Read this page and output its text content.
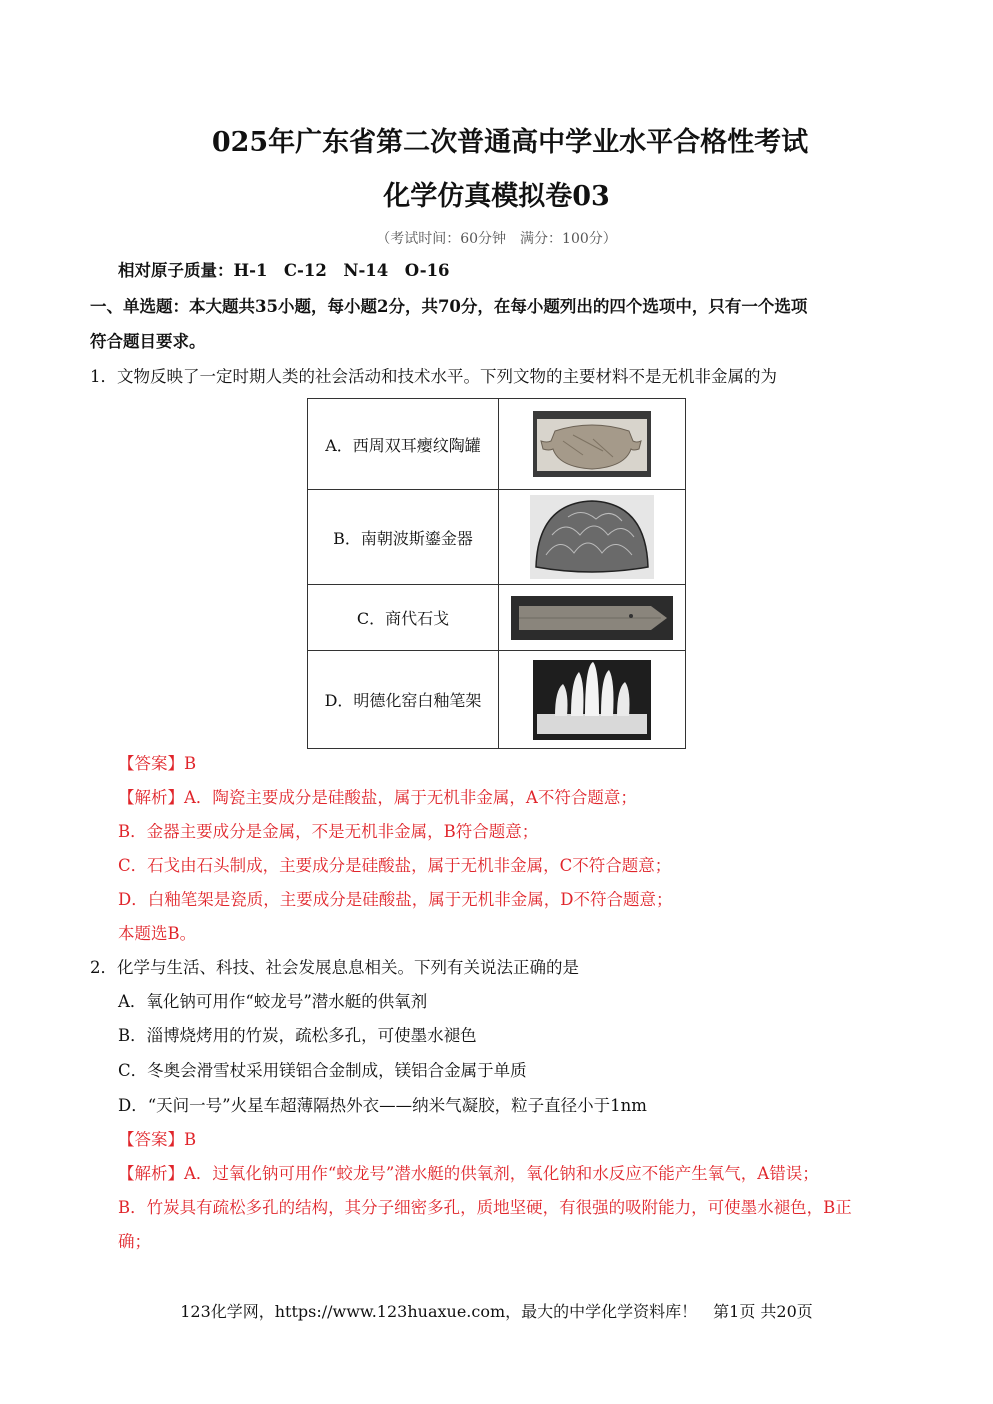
025年广东省第二次普通高中学业水平合格性考试
化学仿真模拟卷03
（考试时间：60分钟　满分：100分）
相对原子质量：H-1　C-12　N-14　O-16
一、单选题：本大题共35小题，每小题2分，共70分，在每小题列出的四个选项中，只有一个选项
符合题目要求。
1．文物反映了一定时期人类的社会活动和技术水平。下列文物的主要材料不是无机非金属的为
A．西周双耳瘿纹陶罐	

B．南朝波斯鎏金器	

C．商代石戈	

D．明德化窑白釉笔架	
【答案】B
【解析】A．陶瓷主要成分是硅酸盐，属于无机非金属，A不符合题意；
B．金器主要成分是金属，不是无机非金属，B符合题意；
C．石戈由石头制成，主要成分是硅酸盐，属于无机非金属，C不符合题意；
D．白釉笔架是瓷质，主要成分是硅酸盐，属于无机非金属，D不符合题意；
本题选B。
2．化学与生活、科技、社会发展息息相关。下列有关说法正确的是
A．氧化钠可用作“蛟龙号”潜水艇的供氧剂
B．淄博烧烤用的竹炭，疏松多孔，可使墨水褪色
C．冬奥会滑雪杖采用镁铝合金制成，镁铝合金属于单质
D．“天问一号”火星车超薄隔热外衣——纳米气凝胶，粒子直径小于1nm
【答案】B
【解析】A．过氧化钠可用作“蛟龙号”潜水艇的供氧剂，氧化钠和水反应不能产生氧气，A错误；
B．竹炭具有疏松多孔的结构，其分子细密多孔，质地坚硬，有很强的吸附能力，可使墨水褪色，B正
确；
123化学网，https://www.123huaxue.com，最大的中学化学资料库！　第1页 共20页
